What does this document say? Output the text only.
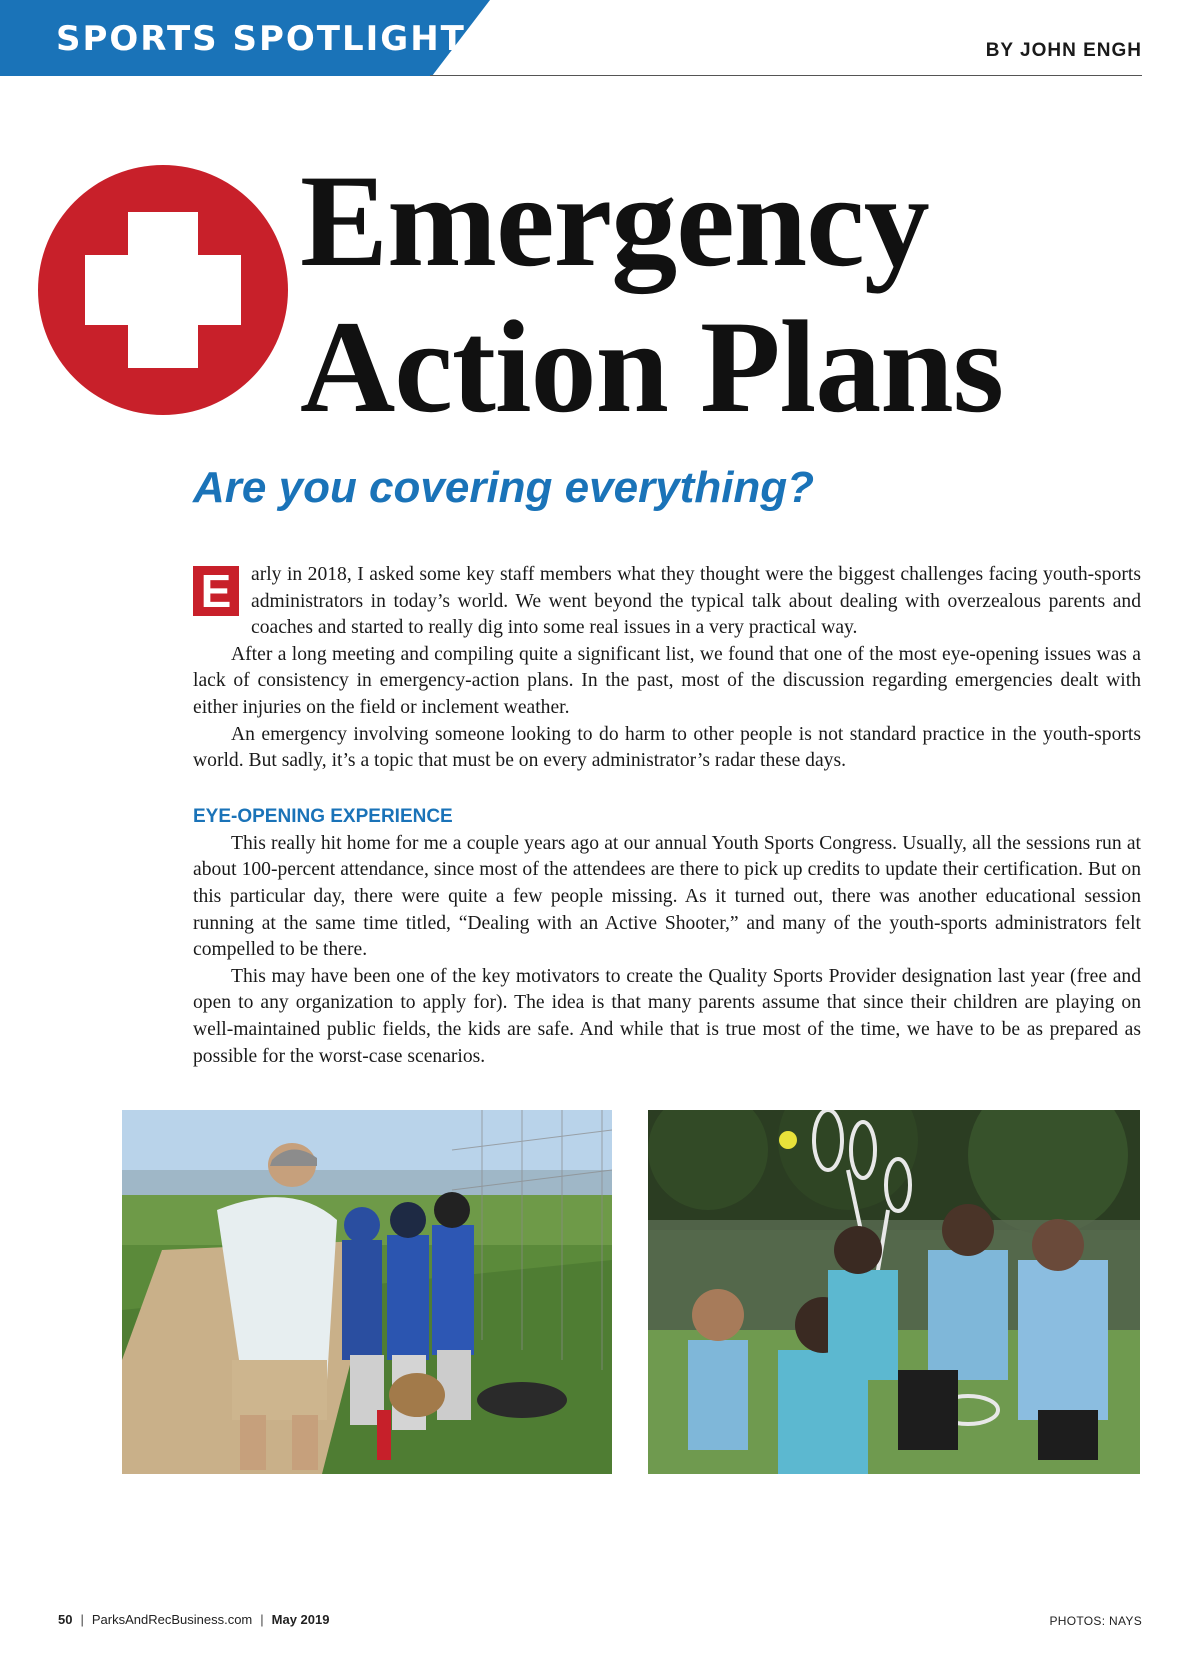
SPORTS SPOTLIGHT	BY JOHN ENGH
Emergency
Action Plans
Are you covering everything?

E	arly in 2018, I asked some key staff members what they thought were the biggest challenges facing youth-sports administrators in today’s world. We went beyond the typical talk about dealing with overzealous parents and coaches and started to really dig into some real issues in a very practical way.

After a long meeting and compiling quite a significant list, we found that one of the most eye-opening issues was a lack of consistency in emergency-action plans. In the past, most of the discussion regarding emergencies dealt with either injuries on the field or inclement weather.

An emergency involving someone looking to do harm to other people is not standard practice in the youth-sports world. But sadly, it’s a topic that must be on every administrator’s radar these days.

EYE-OPENING EXPERIENCE

This really hit home for me a couple years ago at our annual Youth Sports Congress. Usually, all the sessions run at about 100-percent attendance, since most of the attendees are there to pick up credits to update their certification. But on this particular day, there were quite a few people missing. As it turned out, there was another educational session running at the same time titled, “Dealing with an Active Shooter,” and many of the youth-sports administrators felt compelled to be there.

This may have been one of the key motivators to create the Quality Sports Provider designation last year (free and open to any organization to apply for). The idea is that many parents assume that since their children are playing on well-maintained public fields, the kids are safe. And while that is true most of the time, we have to be as prepared as possible for the worst-case scenarios.

50 | ParksAndRecBusiness.com | May 2019	PHOTOS: NAYS
